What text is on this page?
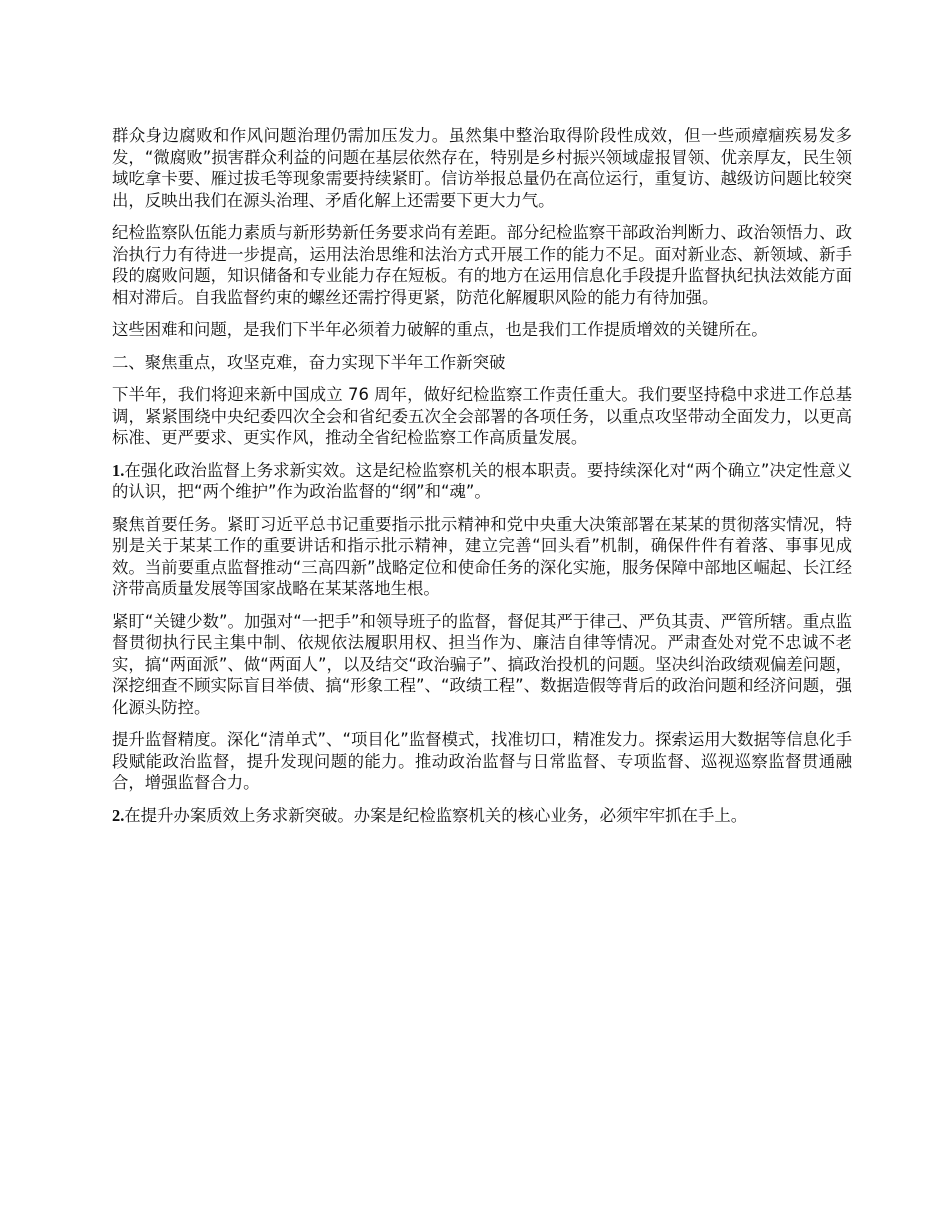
群众身边腐败和作风问题治理仍需加压发力。虽然集中整治取得阶段性成效，但一些顽瘴痼疾易发多发，“微腐败”损害群众利益的问题在基层依然存在，特别是乡村振兴领域虚报冒领、优亲厚友，民生领域吃拿卡要、雁过拔毛等现象需要持续紧盯。信访举报总量仍在高位运行，重复访、越级访问题比较突出，反映出我们在源头治理、矛盾化解上还需要下更大力气。

纪检监察队伍能力素质与新形势新任务要求尚有差距。部分纪检监察干部政治判断力、政治领悟力、政治执行力有待进一步提高，运用法治思维和法治方式开展工作的能力不足。面对新业态、新领域、新手段的腐败问题，知识储备和专业能力存在短板。有的地方在运用信息化手段提升监督执纪执法效能方面相对滞后。自我监督约束的螺丝还需拧得更紧，防范化解履职风险的能力有待加强。

这些困难和问题，是我们下半年必须着力破解的重点，也是我们工作提质增效的关键所在。

二、聚焦重点，攻坚克难，奋力实现下半年工作新突破

下半年，我们将迎来新中国成立 76 周年，做好纪检监察工作责任重大。我们要坚持稳中求进工作总基调，紧紧围绕中央纪委四次全会和省纪委五次全会部署的各项任务，以重点攻坚带动全面发力，以更高标准、更严要求、更实作风，推动全省纪检监察工作高质量发展。

1.在强化政治监督上务求新实效。这是纪检监察机关的根本职责。要持续深化对“两个确立”决定性意义的认识，把“两个维护”作为政治监督的“纲”和“魂”。

聚焦首要任务。紧盯习近平总书记重要指示批示精神和党中央重大决策部署在某某的贯彻落实情况，特别是关于某某工作的重要讲话和指示批示精神，建立完善“回头看”机制，确保件件有着落、事事见成效。当前要重点监督推动“三高四新”战略定位和使命任务的深化实施，服务保障中部地区崛起、长江经济带高质量发展等国家战略在某某落地生根。

紧盯“关键少数”。加强对“一把手”和领导班子的监督，督促其严于律己、严负其责、严管所辖。重点监督贯彻执行民主集中制、依规依法履职用权、担当作为、廉洁自律等情况。严肃查处对党不忠诚不老实，搞“两面派”、做“两面人”，以及结交“政治骗子”、搞政治投机的问题。坚决纠治政绩观偏差问题，深挖细查不顾实际盲目举债、搞“形象工程”、“政绩工程”、数据造假等背后的政治问题和经济问题，强化源头防控。

提升监督精度。深化“清单式”、“项目化”监督模式，找准切口，精准发力。探索运用大数据等信息化手段赋能政治监督，提升发现问题的能力。推动政治监督与日常监督、专项监督、巡视巡察监督贯通融合，增强监督合力。

2.在提升办案质效上务求新突破。办案是纪检监察机关的核心业务，必须牢牢抓在手上。
